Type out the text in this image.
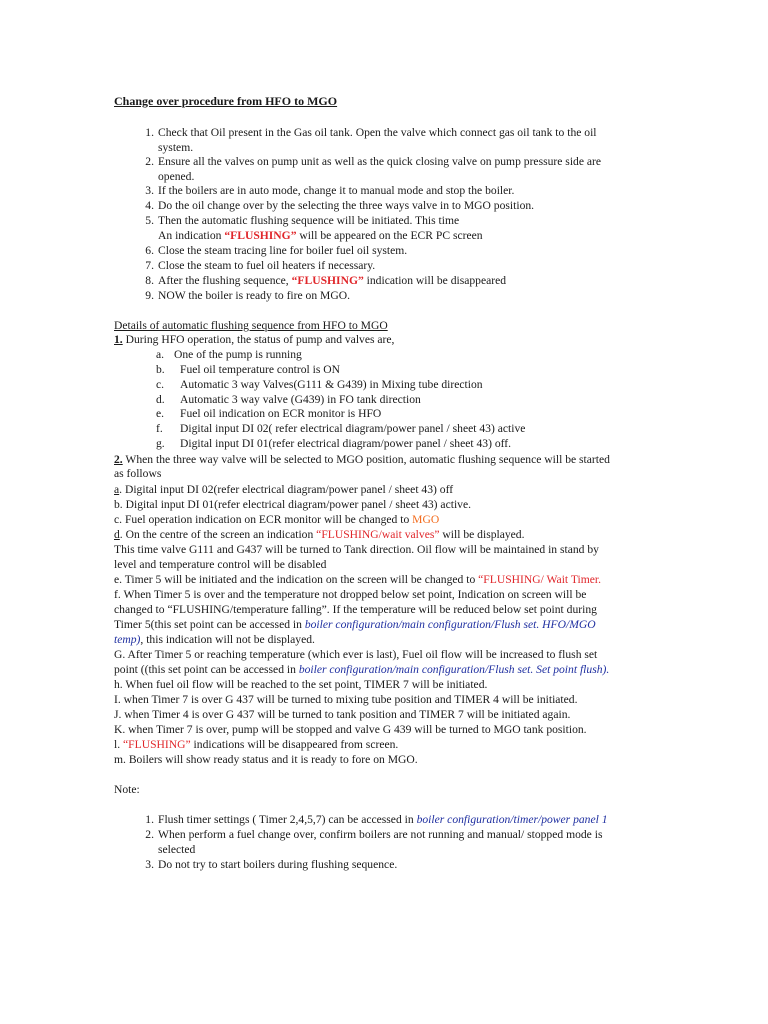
Change over procedure from HFO to MGO
1. Check that Oil present in the Gas oil tank. Open the valve which connect gas oil tank to the oil
system.
2. Ensure all the valves on pump unit as well as the quick closing valve on pump pressure side are
opened.
3. If the boilers are in auto mode, change it to manual mode and stop the boiler.
4. Do the oil change over by the selecting the three ways valve in to MGO position.
5. Then the automatic flushing sequence will be initiated. This time
An indication “FLUSHING” will be appeared on the ECR PC screen
6. Close the steam tracing line for boiler fuel oil system.
7. Close the steam to fuel oil heaters if necessary.
8. After the flushing sequence, “FLUSHING” indication will be disappeared
9. NOW the boiler is ready to fire on MGO.
Details of automatic flushing sequence from HFO to MGO
1. During HFO operation, the status of pump and valves are,
a. One of the pump is running
b. Fuel oil temperature control is ON
c. Automatic 3 way Valves(G111 & G439) in Mixing tube direction
d. Automatic 3 way valve (G439) in FO tank direction
e. Fuel oil indication on ECR monitor is HFO
f. Digital input DI 02( refer electrical diagram/power panel / sheet 43) active
g. Digital input DI 01(refer electrical diagram/power panel / sheet 43) off.
2. When the three way valve will be selected to MGO position, automatic flushing sequence will be started
as follows
a. Digital input DI 02(refer electrical diagram/power panel / sheet 43) off
b. Digital input DI 01(refer electrical diagram/power panel / sheet 43) active.
c. Fuel operation indication on ECR monitor will be changed to MGO
d. On the centre of the screen an indication “FLUSHING/wait valves” will be displayed.
This time valve G111 and G437 will be turned to Tank direction. Oil flow will be maintained in stand by
level and temperature control will be disabled
e. Timer 5 will be initiated and the indication on the screen will be changed to “FLUSHING/ Wait Timer.
f. When Timer 5 is over and the temperature not dropped below set point, Indication on screen will be
changed to “FLUSHING/temperature falling”. If the temperature will be reduced below set point during
Timer 5(this set point can be accessed in boiler configuration/main configuration/Flush set. HFO/MGO
temp), this indication will not be displayed.
G. After Timer 5 or reaching temperature (which ever is last), Fuel oil flow will be increased to flush set
point ((this set point can be accessed in boiler configuration/main configuration/Flush set. Set point flush).
h. When fuel oil flow will be reached to the set point, TIMER 7 will be initiated.
I. when Timer 7 is over G 437 will be turned to mixing tube position and TIMER 4 will be initiated.
J. when Timer 4 is over G 437 will be turned to tank position and TIMER 7 will be initiated again.
K. when Timer 7 is over, pump will be stopped and valve G 439 will be turned to MGO tank position.
l. “FLUSHING” indications will be disappeared from screen.
m. Boilers will show ready status and it is ready to fore on MGO.
Note:
1. Flush timer settings ( Timer 2,4,5,7) can be accessed in boiler configuration/timer/power panel 1
2. When perform a fuel change over, confirm boilers are not running and manual/ stopped mode is
selected
3. Do not try to start boilers during flushing sequence.
